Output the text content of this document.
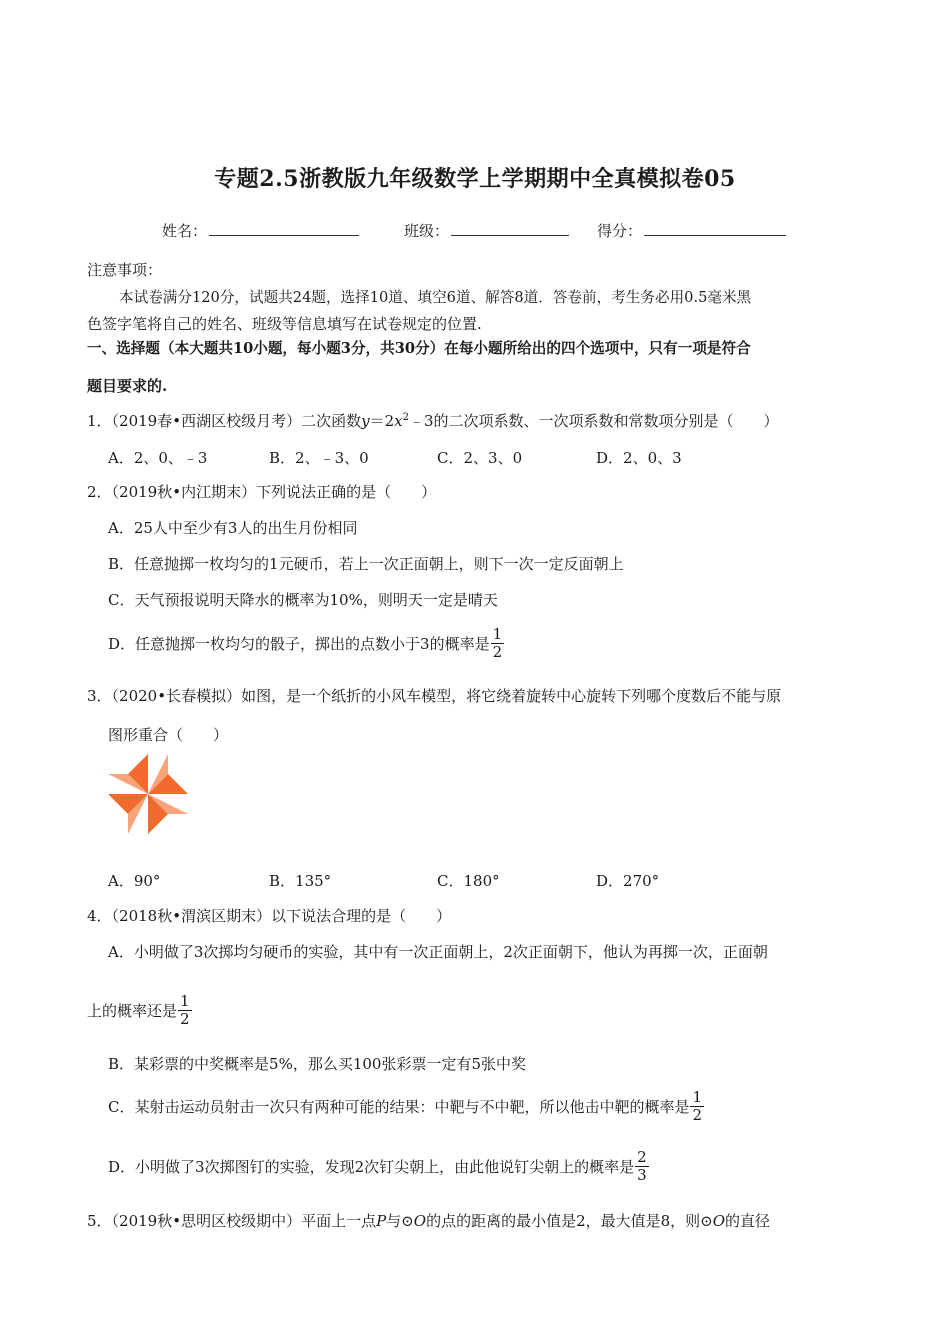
专题2.5浙教版九年级数学上学期期中全真模拟卷05
姓名：	班级：	得分：
注意事项：
本试卷满分120分，试题共24题，选择10道、填空6道、解答8道．答卷前，考生务必用0.5毫米黑
色签字笔将自己的姓名、班级等信息填写在试卷规定的位置.
一、选择题（本大题共10小题，每小题3分，共30分）在每小题所给出的四个选项中，只有一项是符合
题目要求的.
1．（2019春•西湖区校级月考）二次函数$y=2x^2﹣3$的二次项系数、一次项系数和常数项分别是（　　）
A．2、0、﹣3	B．2、﹣3、0	C．2、3、0	D．2、0、3
2．（2019秋•内江期末）下列说法正确的是（　　）
A．25人中至少有3人的出生月份相同
B．任意抛掷一枚均匀的1元硬币，若上一次正面朝上，则下一次一定反面朝上
C．天气预报说明天降水的概率为10%，则明天一定是晴天
D．任意抛掷一枚均匀的骰子，掷出的点数小于3的概率是 $\frac{1}{2}$
3．（2020•长春模拟）如图，是一个纸折的小风车模型，将它绕着旋转中心旋转下列哪个度数后不能与原
图形重合（　　）
A．90°	B．135°	C．180°	D．270°
4．（2018秋•渭滨区期末）以下说法合理的是（　　）
A．小明做了3次掷均匀硬币的实验，其中有一次正面朝上，2次正面朝下，他认为再掷一次，正面朝
上的概率还是 $\frac{1}{2}$
B．某彩票的中奖概率是5%，那么买100张彩票一定有5张中奖
C．某射击运动员射击一次只有两种可能的结果：中靶与不中靶，所以他击中靶的概率是 $\frac{1}{2}$
D．小明做了3次掷图钉的实验，发现2次钉尖朝上，由此他说钉尖朝上的概率是 $\frac{2}{3}$
5．（2019秋•思明区校级期中）平面上一点P与⊙O的点的距离的最小值是2，最大值是8，则⊙O的直径
